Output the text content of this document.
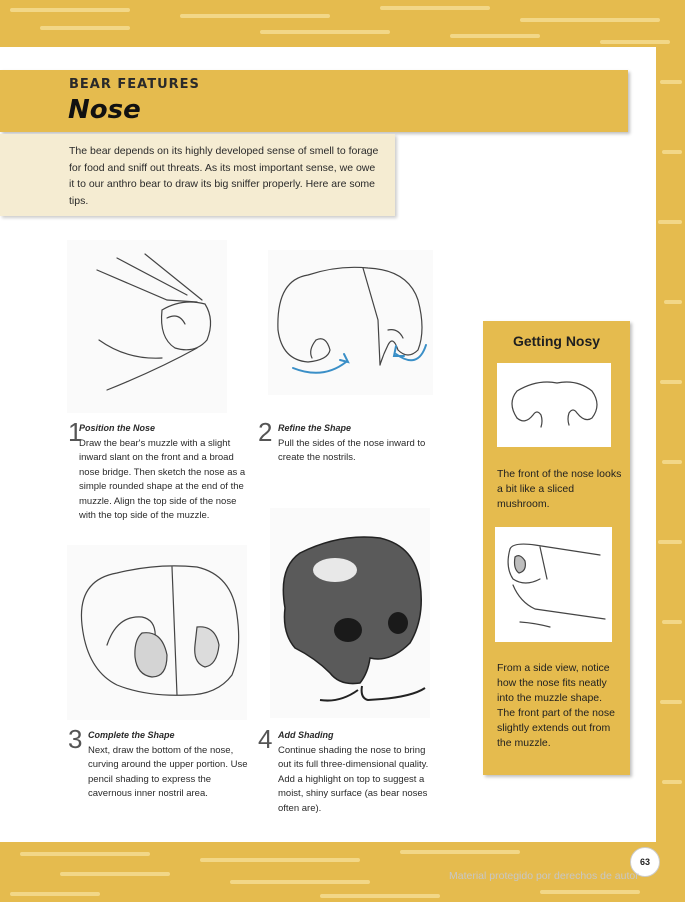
BEAR FEATURES
Nose

The bear depends on its highly developed sense of smell to forage for food and sniff out threats. As its most important sense, we owe it to our anthro bear to draw its big sniffer properly. Here are some tips.

1
Position the Nose
Draw the bear's muzzle with a slight inward slant on the front and a broad nose bridge. Then sketch the nose as a simple rounded shape at the end of the muzzle. Align the top side of the nose with the top side of the muzzle.
2 Refine the Shape
Pull the sides of the nose inward to create the nostrils.
3 Complete the Shape
Next, draw the bottom of the nose, curving around the upper portion. Use pencil shading to express the cavernous inner nostril area.
4 Add Shading
Continue shading the nose to bring out its full three-dimensional quality. Add a highlight on top to suggest a moist, shiny surface (as bear noses often are).
Getting Nosy
The front of the nose looks a bit like a sliced mushroom.
From a side view, notice how the nose fits neatly into the muzzle shape. The front part of the nose slightly extends out from the muzzle.
63
Material protegido por derechos de autor
